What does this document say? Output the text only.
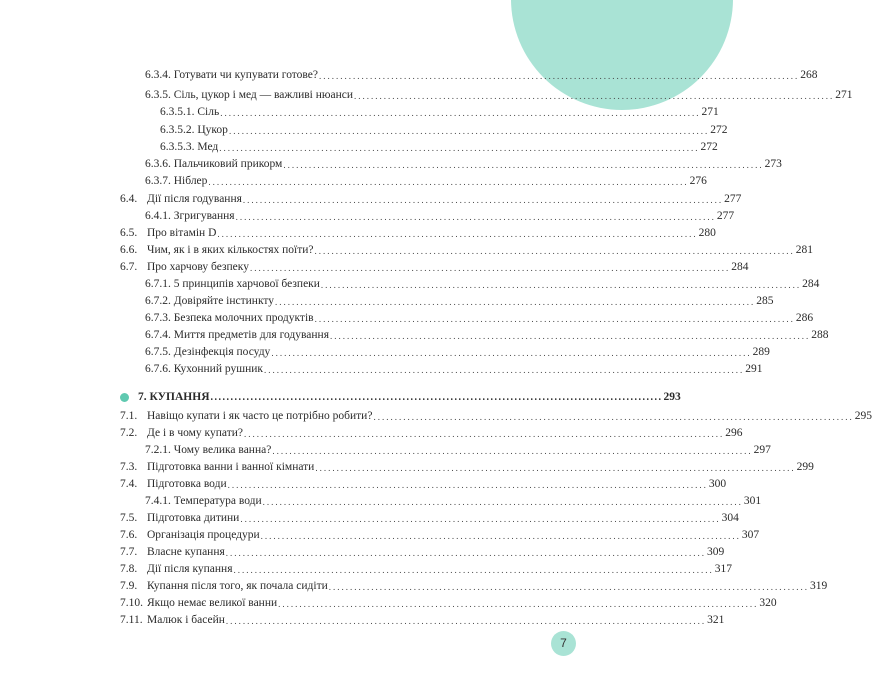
6.3.4.
Готувати чи купувати готове? ................................................................................................................. 268
6.3.5.
Сіль, цукор і мед — важливі нюанси ................................................................................................................. 271
6.3.5.1.
Сіль ................................................................................................................. 271
6.3.5.2.
Цукор ................................................................................................................. 272
6.3.5.3.
Мед ................................................................................................................. 272
6.3.6.
Пальчиковий прикорм ................................................................................................................. 273
6.3.7.
Ніблер ................................................................................................................. 276
6.4. Дії після годування ................................................................................................................. 277
6.4.1.
Згригування ................................................................................................................. 277
6.5. Про вітамін D ................................................................................................................. 280
6.6. Чим, як і в яких кількостях поїти? ................................................................................................................. 281
6.7. Про харчову безпеку ................................................................................................................. 284
6.7.1.
5 принципів харчової безпеки ................................................................................................................. 284
6.7.2.
Довіряйте інстинкту ................................................................................................................. 285
6.7.3.
Безпека молочних продуктів ................................................................................................................. 286
6.7.4.
Миття предметів для годування ................................................................................................................. 288
6.7.5.
Дезінфекція посуду ................................................................................................................. 289
6.7.6.
Кухонний рушник ................................................................................................................. 291
7. КУПАННЯ ................................................................................................................. 293
7.1. Навіщо купати і як часто це потрібно робити? ................................................................................................................. 295
7.2. Де і в чому купати? ................................................................................................................. 296
7.2.1.
Чому велика ванна? ................................................................................................................. 297
7.3. Підготовка ванни і ванної кімнати ................................................................................................................. 299
7.4. Підготовка води ................................................................................................................. 300
7.4.1.
Температура води ................................................................................................................. 301
7.5. Підготовка дитини ................................................................................................................. 304
7.6. Організація процедури ................................................................................................................. 307
7.7. Власне купання ................................................................................................................. 309
7.8. Дії після купання ................................................................................................................. 317
7.9. Купання після того, як почала сидіти ................................................................................................................. 319
7.10. Якщо немає великої ванни ................................................................................................................. 320
7.11. Малюк і басейн ................................................................................................................. 321
7
